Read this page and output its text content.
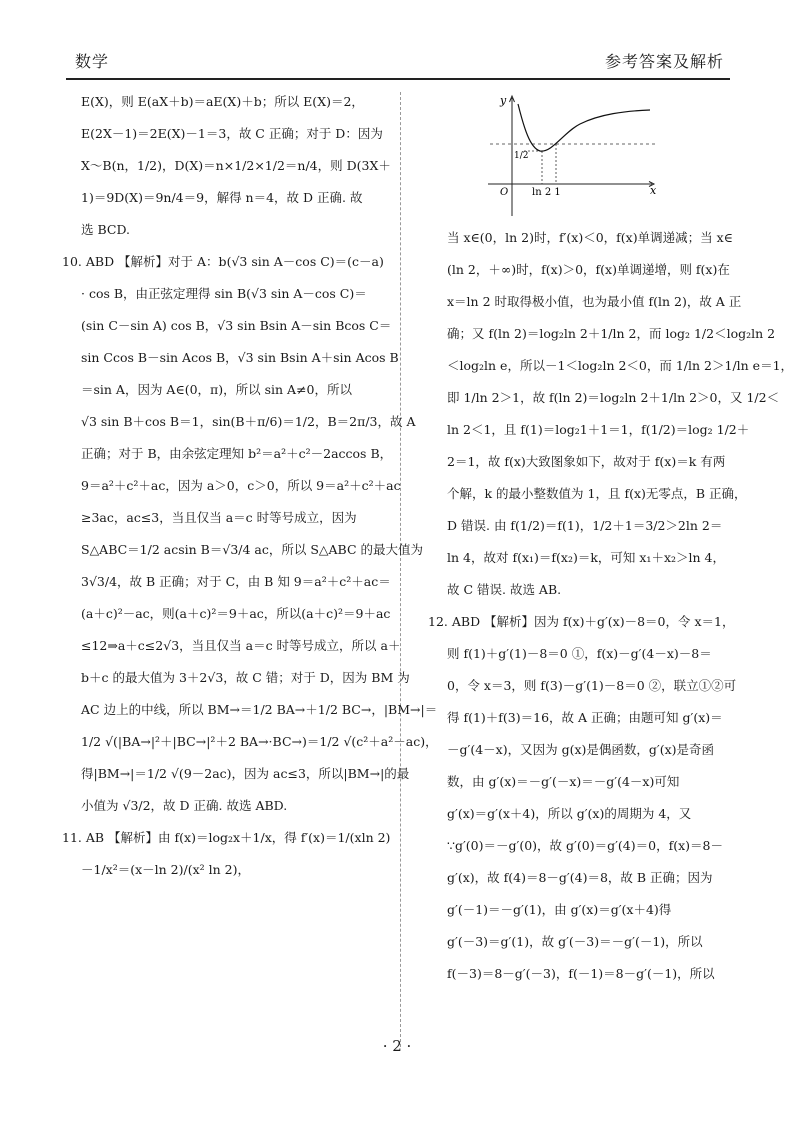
数学	参考答案及解析
E(X)，则 E(aX＋b)＝aE(X)＋b；所以 E(X)＝2，
E(2X－1)＝2E(X)－1＝3，故 C 正确；对于 D：因为
X～B(n，1/2)，D(X)＝n×1/2×1/2＝n/4，则 D(3X＋
1)＝9D(X)＝9n/4＝9，解得 n＝4，故 D 正确. 故
选 BCD.
10. ABD 【解析】对于 A：b(√3 sin A－cos C)＝(c－a)
· cos B，由正弦定理得 sin B(√3 sin A－cos C)＝
(sin C－sin A) cos B，√3 sin Bsin A－sin Bcos C＝
sin Ccos B－sin Acos B，√3 sin Bsin A＋sin Acos B
＝sin A，因为 A∈(0，π)，所以 sin A≠0，所以
√3 sin B＋cos B＝1，sin(B＋π/6)＝1/2，B＝2π/3，故 A
正确；对于 B，由余弦定理知 b²＝a²＋c²－2accos B，
9＝a²＋c²＋ac，因为 a＞0，c＞0，所以 9＝a²＋c²＋ac
≥3ac，ac≤3，当且仅当 a＝c 时等号成立，因为
S△ABC＝1/2 acsin B＝√3/4 ac，所以 S△ABC 的最大值为
3√3/4，故 B 正确；对于 C，由 B 知 9＝a²＋c²＋ac＝
(a＋c)²－ac，则(a＋c)²＝9＋ac，所以(a＋c)²＝9＋ac
≤12⇒a＋c≤2√3，当且仅当 a＝c 时等号成立，所以 a＋
b＋c 的最大值为 3＋2√3，故 C 错；对于 D，因为 BM 为
AC 边上的中线，所以 BM→＝1/2 BA→＋1/2 BC→，|BM→|＝
1/2 √(|BA→|²＋|BC→|²＋2 BA→·BC→)＝1/2 √(c²＋a²－ac)，
得|BM→|＝1/2 √(9－2ac)，因为 ac≤3，所以|BM→|的最
小值为 √3/2，故 D 正确. 故选 ABD.
11. AB 【解析】由 f(x)＝log₂x＋1/x，得 f′(x)＝1/(xln 2)
－1/x²＝(x－ln 2)/(x² ln 2)，
y
x
O ln 2 1
1/2
当 x∈(0，ln 2)时，f′(x)＜0，f(x)单调递减；当 x∈
(ln 2，＋∞)时，f(x)＞0，f(x)单调递增，则 f(x)在
x＝ln 2 时取得极小值，也为最小值 f(ln 2)，故 A 正
确；又 f(ln 2)＝log₂ln 2＋1/ln 2，而 log₂ 1/2＜log₂ln 2
＜log₂ln e，所以－1＜log₂ln 2＜0，而 1/ln 2＞1/ln e＝1，
即 1/ln 2＞1，故 f(ln 2)＝log₂ln 2＋1/ln 2＞0，又 1/2＜
ln 2＜1，且 f(1)＝log₂1＋1＝1，f(1/2)＝log₂ 1/2＋
2＝1，故 f(x)大致图象如下，故对于 f(x)＝k 有两
个解，k 的最小整数值为 1，且 f(x)无零点，B 正确，
D 错误. 由 f(1/2)＝f(1)，1/2＋1＝3/2＞2ln 2＝
ln 4，故对 f(x₁)＝f(x₂)＝k，可知 x₁＋x₂＞ln 4，
故 C 错误. 故选 AB.
12. ABD 【解析】因为 f(x)＋g′(x)－8＝0，令 x＝1，
则 f(1)＋g′(1)－8＝0 ①，f(x)－g′(4－x)－8＝
0，令 x＝3，则 f(3)－g′(1)－8＝0 ②，联立①②可
得 f(1)＋f(3)＝16，故 A 正确；由题可知 g′(x)＝
－g′(4－x)，又因为 g(x)是偶函数，g′(x)是奇函
数，由 g′(x)＝－g′(－x)＝－g′(4－x)可知
g′(x)＝g′(x＋4)，所以 g′(x)的周期为 4，又
∵g′(0)＝－g′(0)，故 g′(0)＝g′(4)＝0，f(x)＝8－
g′(x)，故 f(4)＝8－g′(4)＝8，故 B 正确；因为
g′(－1)＝－g′(1)，由 g′(x)＝g′(x＋4)得
g′(－3)＝g′(1)，故 g′(－3)＝－g′(－1)，所以
f(－3)＝8－g′(－3)，f(－1)＝8－g′(－1)，所以
· 2 ·
